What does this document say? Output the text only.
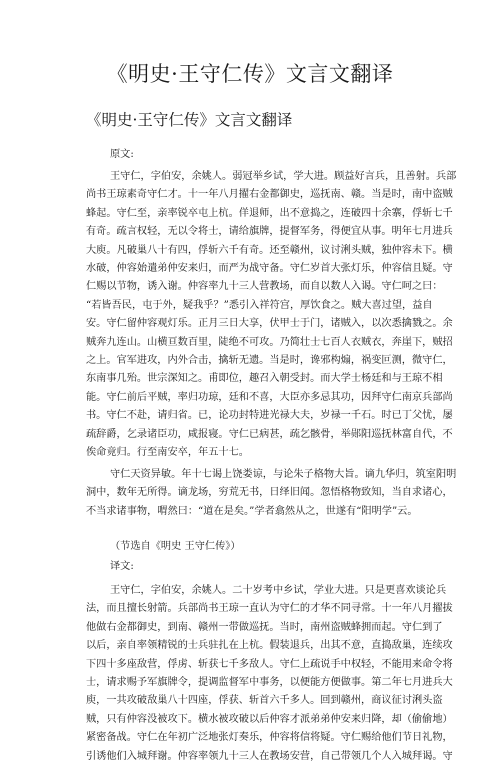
《明史·王守仁传》文言文翻译
《明史·王守仁传》文言文翻译

原文:

王守仁，字伯安，余姚人。弱冠举乡试，学大进。顾益好言兵，且善射。兵部
尚书王琼素奇守仁才。十一年八月擢右金都御史，巡抚南、赣。当是时，南中盗贼
蜂起。守仁至，亲率锐卒屯上杭。佯退师，出不意捣之，连破四十余寨，俘斩七千
有奇。疏言权轻，无以令将士，请给旗牌，提督军务，得便宜从事。明年七月进兵
大庾。凡破巢八十有四，俘斩六千有奇。还至赣州，议讨浰头贼，独仲容未下。横
水破，仲容始遣弟仲安来归，而严为战守备。守仁岁首大张灯乐，仲容信且疑。守
仁赐以节物，诱入谢。仲容率九十三人营教场，而自以数人入谒。守仁呵之曰：
“若皆吾民，屯于外，疑我乎？”悉引入祥符宫，厚饮食之。贼大喜过望，益自
安。守仁留仲容观灯乐。正月三日大享，伏甲士于门，诸贼入，以次悉擒戮之。余
贼奔九连山。山横亘数百里，陡绝不可攻。乃简壮士七百人衣贼衣，奔崖下，贼招
之上。官军进攻，内外合击，擒斩无遗。当是时，谗邪构煽，祸变叵测，微守仁，
东南事几殆。世宗深知之。甫即位，趣召入朝受封。而大学士杨廷和与王琼不相
能。守仁前后平贼，率归功琼，廷和不喜，大臣亦多忌其功，因拜守仁南京兵部尚
书。守仁不赴，请归省。已，论功封特进光禄大夫，岁禄一千石。时已丁父忧，屡
疏辞爵，乞录诸臣功，咸报寝。守仁已病甚，疏乞骸骨，举郧阳巡抚林富自代，不
俟命竟归。行至南安卒，年五十七。
守仁天资异敏。年十七谒上饶娄谅，与论朱子格物大旨。谪九华归，筑室阳明
洞中，数年无所得。谪龙场，穷荒无书，日绎旧闻。忽悟格物致知，当自求诸心，
不当求诸事物，喟然曰：“道在是矣。”学者翕然从之，世遂有“阳明学”云。

（节选自《明史 王守仁传》）

译文:

王守仁，字伯安，余姚人。二十岁考中乡试，学业大进。只是更喜欢谈论兵
法，而且擅长射箭。兵部尚书王琼一直认为守仁的才华不同寻常。十一年八月擢拔
他做右金都御史，到南、赣州一带做巡抚。当时，南州盗贼蜂拥而起。守仁到了
以后，亲自率领精锐的士兵驻扎在上杭。假装退兵，出其不意，直捣敌巢，连续攻
下四十多座敌营，俘虏、斩获七千多敌人。守仁上疏说手中权轻，不能用来命令将
士，请求赐予军旗牌令，提调监督军中事务，以便能方便做事。第二年七月进兵大
庾，一共攻破敌巢八十四座，俘获、斩首六千多人。回到赣州，商议征讨浰头盗
贼，只有仲容没被攻下。横水被攻破以后仲容才派弟弟仲安来归降，却（偷偷地）
紧密备战。守仁在年初广泛地张灯奏乐，仲容将信将疑。守仁赐给他们节日礼物，
引诱他们入城拜谢。仲容率领九十三人在教场安营，自己带领几个人入城拜谒。守
